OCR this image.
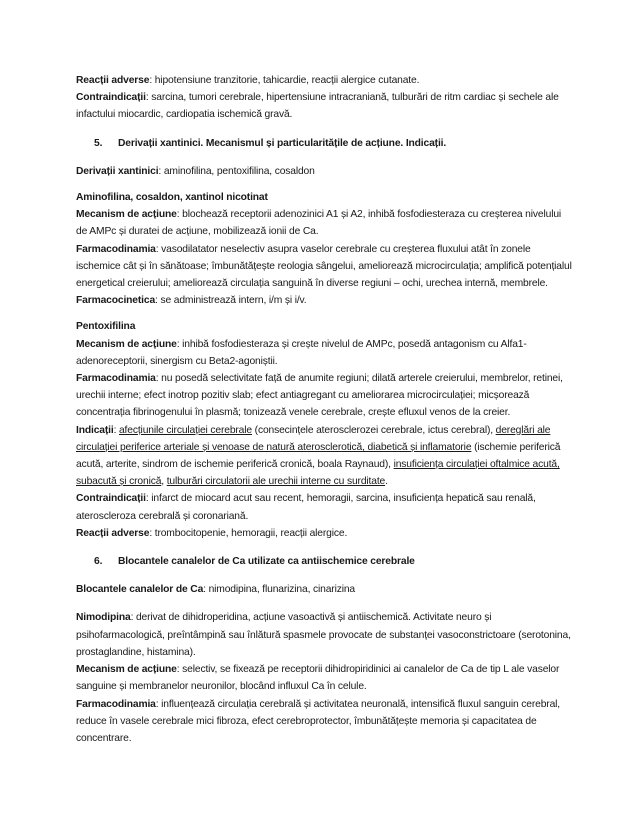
Reacții adverse: hipotensiune tranzitorie, tahicardie, reacții alergice cutanate.

Contraindicații: sarcina, tumori cerebrale, hipertensiune intracraniană, tulburări de ritm cardiac și sechele ale infactului miocardic, cardiopatia ischemică gravă.

5.	Derivații xantinici. Mecanismul și particularitățile de acțiune. Indicații.

Derivații xantinici: aminofilina, pentoxifilina, cosaldon

Aminofilina, cosaldon, xantinol nicotinat

Mecanism de acțiune: blochează receptorii adenozinici A1 și A2, inhibă fosfodiesteraza cu creșterea nivelului de AMPc și duratei de acțiune, mobilizează ionii de Ca.

Farmacodinamia: vasodilatator neselectiv asupra vaselor cerebrale cu creșterea fluxului atât în zonele ischemice cât și în sănătoase; îmbunătățește reologia sângelui, ameliorează microcirculația; amplifică potențialul energetical creierului; ameliorează circulația sanguină în diverse regiuni – ochi, urechea internă, membrele.

Farmacocinetica: se administrează intern, i/m și i/v.

Pentoxifilina

Mecanism de acțiune: inhibă fosfodiesteraza și crește nivelul de AMPc, posedă antagonism cu Alfa1-adenoreceptorii, sinergism cu Beta2-agoniștii.

Farmacodinamia: nu posedă selectivitate față de anumite regiuni; dilată arterele creierului, membrelor, retinei, urechii interne; efect inotrop pozitiv slab; efect antiagregant cu ameliorarea microcirculației; micșorează concentrația fibrinogenului în plasmă; tonizează venele cerebrale, crește efluxul venos de la creier.

Indicații: afecțiunile circulației cerebrale (consecințele aterosclerozei cerebrale, ictus cerebral), dereglări ale circulației periferice arteriale și venoase de natură aterosclerotică, diabetică și inflamatorie (ischemie periferică acută, arterite, sindrom de ischemie periferică cronică, boala Raynaud), insuficiența circulației oftalmice acută, subacută și cronică, tulburări circulatorii ale urechii interne cu surditate.

Contraindicații: infarct de miocard acut sau recent, hemoragii, sarcina, insuficiența hepatică sau renală, ateroscleroza cerebrală și coronariană.

Reacții adverse: trombocitopenie, hemoragii, reacții alergice.

6.	Blocantele canalelor de Ca utilizate ca antiischemice cerebrale

Blocantele canalelor de Ca: nimodipina, flunarizina, cinarizina

Nimodipina: derivat de dihidroperidina, acțiune vasoactivă și antiischemică. Activitate neuro și psihofarmacologică, preîntâmpină sau înlătură spasmele provocate de substanței vasoconstrictoare (serotonina, prostaglandine, histamina).

Mecanism de acțiune: selectiv, se fixează pe receptorii dihidropiridinici ai canalelor de Ca de tip L ale vaselor sanguine și membranelor neuronilor, blocând influxul Ca în celule.

Farmacodinamia: influențează circulația cerebrală și activitatea neuronală, intensifică fluxul sanguin cerebral, reduce în vasele cerebrale mici fibroza, efect cerebroprotector, îmbunătățește memoria și capacitatea de concentrare.
